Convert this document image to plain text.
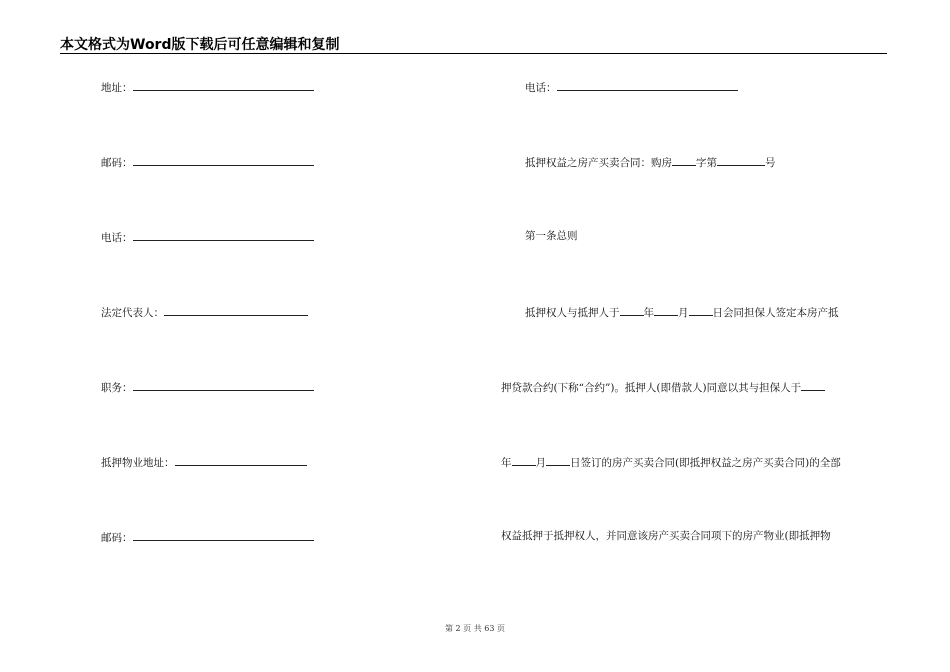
本文格式为Word版下载后可任意编辑和复制
地址：
邮码：
电话：
法定代表人：
职务：
抵押物业地址：
邮码：
电话：
抵押权益之房产买卖合同：购房 字第	号
第一条总则
抵押权人与抵押人于 年 月 日会同担保人签定本房产抵
押贷款合约(下称“合约”)。抵押人(即借款人)同意以其与担保人于
年 月 日签订的房产买卖合同(即抵押权益之房产买卖合同)的全部
权益抵押于抵押权人，并同意该房产买卖合同项下的房产物业(即抵押物
第 2 页 共 63 页
